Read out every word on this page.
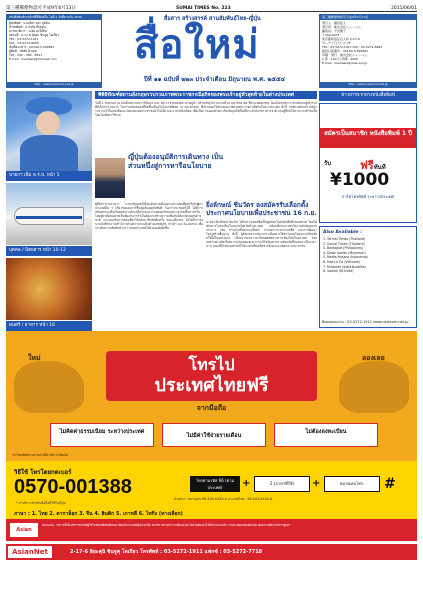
第三種郵便物認可平成9年6月13日	SUMAI TIMES No. 223	2011/06/01
หนังสือพิมพ์รายปักษ์ที่ตีพิมพ์ใน ไอที 2 วันที่ตามวัน 2550
ผู้จัดพิมพ์ : บ.นเนียร์ และ ลูมิมิน
สำนักพิมพ์ : บ.จำกัด ทีเคคุณ
บรรณาธิการ : บ.อิน เนวี่ย์ลิน
สถานที่ : 2-17-6 คิยุตะ ชินจูคุ โตเกียว
TEL : 03-5272-1911
FAX : 03-5272-8965
บัญชีธนาคาร : 00140-3-599681
ผู้พิมพ์ : บริษัท นิวเอช
โทร : 042 - 380 - 8811
E-mail : mediasia@hotmail.com
http : www.newcom-net.jp
สื่อสาร สร้างสรรค์ สานสัมพันธ์ไทย-ญี่ปุ่น
สื่อใหม่
ปีที่ ๑๑ ฉบับที่ ๒๒๓ ประจำเดือน มิถุนายน พ.ศ. ๒๕๕๔
第三種郵便物認可平成9年6月13日
発行人：鎌田紀人
発行所：株式会社ニューコム
編集長：千田朗子
〒169-0073
東京都新宿区百人町 2-17-6
ガーデン日下ビル 7F
TEL : 03-5272-1911 FAX : 03-5272-8965
振替口座番号：00140-3-599681
印刷・発行：株式会社ニューコム
1 部 : 100 円 年間 : 4000
E-mail : mediasia@newcom.jp
http : www.newcom-net.jp
นายกฯ เพิ่ม พ.ร.บ. หน้า 5
บุคคล / นิตยสาร หน้า 10-12
ดนตรี / อาหาร หน้า 16
พิพิธิทัณฑ์สถานอังกฤษรวบรวมภาพพระราชกรณียกิจของพระเจ้าอยู่หัวสุดท้ายในต่างประเทศ
วันที่ 1 มิถุนายน ณ สมเด็จพระบรมราชินีนาถ และ พระราชวังของพระเจ้าอยู่หัว ได้รับเชิญไปร่วมงานที่ ณ มหาวิทยาลัย ที่ประเทศอังกฤษ โดยมีเหล่าพระราชวงศ์และผู้เข้าร่วมพิธีเป็นจำนวนมาก ในการเฉลิมฉลองที่จัดขึ้นเนื่องในโอกาสพิเศษ ณ พระตำหนัก ซึ่งกำหนดให้นำเสนอภาพถ่ายพระราชกรณียกิจในต่างประเทศ ทั้งนี้ ภาพถ่ายดังกล่าวได้ถูกรวบรวมไว้ในหนังสือและจัดแสดงต่อประชาชนทั่วไปเป็นระยะเวลาหนึ่งเดือน เพื่อเป็นการเผยแพร่พระเกียรติคุณให้เป็นที่ประจักษ์แก่ชาวต่างชาติ และผู้ที่สนใจสามารถเข้าชมได้โดยไม่เสียค่าใช้จ่าย
ญี่ปุ่นต้องอนุมัติการเดินทาง เป็นส่วนหนึ่งสู่การหารือนโยบาย
ผู้สื่อข่าวรายงานว่า นายกรัฐมนตรีญี่ปุ่นเดินทางเยือนต่างประเทศเพื่อหารือกับผู้นำประเทศอื่น ๆ เกี่ยวกับแผนการฟื้นฟูหลังเหตุภัยพิบัติ ในการประชุมครั้งนี้ ได้มีการหยิบยกประเด็นเรื่องพลังงานนิวเคลียร์และความปลอดภัยของประชาชนขึ้นมาหารือ โดยผู้นำทั้งสองฝ่ายเห็นพ้องกันว่าจำเป็นต้องเร่งสร้างความเชื่อมั่นให้แก่นักลงทุนต่างชาติ และส่งเสริมการท่องเที่ยวให้กลับมาคึกคักอีกครั้ง ขณะเดียวกัน ยังได้มีการลงนามบันทึกความเข้าใจว่าด้วยความร่วมมือด้านเศรษฐกิจ การค้า และวัฒนธรรม เพื่อกระชับความสัมพันธ์ระหว่างสองประเทศให้แน่นแฟ้นยิ่งขึ้น
ยิ่งลักษณ์ ชินวัตร ลงสมัครรับเลือกตั้ง ประกาศนโยบายเพื่อประชาชน 16 ก.ย.
นางสาวยิ่งลักษณ์ ชินวัตร ได้รับการเสนอชื่อเป็นผู้สมัครในลำดับที่หนึ่งของพรรค โดยได้เดินทางไปหาเสียงในหลายจังหวัดทั่วประเทศ พร้อมทั้งประกาศนโยบายสำคัญหลายประการ เช่น การปรับขึ้นค่าแรงขั้นต่ำ การลดภาระค่าครองชีพ และการพัฒนาโครงสร้างพื้นฐาน ทั้งนี้ ผู้สังเกตการณ์ทางการเมืองต่างให้ความสนใจต่อการเลือกตั้งครั้งนี้เป็นอย่างมาก เนื่องจากคาดว่าจะมีผลต่อทิศทางการเมืองไทยในอนาคต โดยเฉพาะอย่างยิ่งเรื่องความปรองดองและการแก้ไขปัญหาความขัดแย้งที่สะสมมาเป็นเวลานาน ขณะที่อีกหลายพรรคก็ได้เร่งหาเสียงเพื่อช่วงชิงคะแนนนิยมจากประชาชน
ข่าวสารจากทางหนังสือพิมพ์
สมัครเป็นสมาชิก หนังสือพิมพ์ 1 ปี
รับ	ฟรีทันที
¥1000
การ์ดโทรศัพท์ ระหว่างประเทศ
Also Available :
1. Tarmai Times (Thailand)
2. Sumai Times (Thailand)
3. Balitaglat (Philippines)
4. Dawn Iaaran (Myanmar)
5. Media Nusara (Indonesia)
6. Hao Lu Ca (Vietnam)
7. Mulanrer (India-Buddha)
8. Sawati (Hi-India)
ติดต่อสอบถาม : 03-5272-1911 www.newcom-net.jp
ใหม่	ลองเลย
โทรไป
ประเทศไทยฟรี
จากมือถือ
ไม่คิดค่าธรรมเนียม ระหว่างประเทศ
ไม่มีค่าใช้จ่ายรายเดือน
ไม่ต้องลงทะเบียน
*ค่าโทรศัพท์บางส่วนอาจมีค่าบริการเพิ่มเติม
วิธีใช้ โทรโดยกดเบอร์
0570-001388
* ค่าบริการสำหรับมือถือที่ใช้ในญี่ปุ่น
โทรตามรหัส 66 (ตามประเทศ)	+	2 (ภาษาที่ใช้)	+	หมายเลขโทร.	#
ตัวอย่าง : หมายเลข 66-XXX-XXXX-# ประเทศไทย : 66-XXX-XXXX-#
ภาษา : 1. ไทย 2. ตากาล็อก 3. จีน 4. ฮินดิก 5. เกาหลี 6. ไทกิ่ง (ทางเลือก)
Asian
หมายเหตุ : บริการนี้เป็นบริการสำหรับผู้ใช้โทรศัพท์มือถือที่ลงทะเบียนในประเทศญี่ปุ่นเท่านั้น ค่าบริการอาจมีการเปลี่ยนแปลงโดยไม่ต้องแจ้งให้ทราบล่วงหน้า รายละเอียดเพิ่มเติมกรุณาสอบถามที่ฝ่ายบริการลูกค้า
AsianNet	2-17-6 ฮิยะคุนิ ชินจูคุ โตเกียว โทรศัพท์ : 03-5272-1911 แฟกซ์ : 03-5272-7718
